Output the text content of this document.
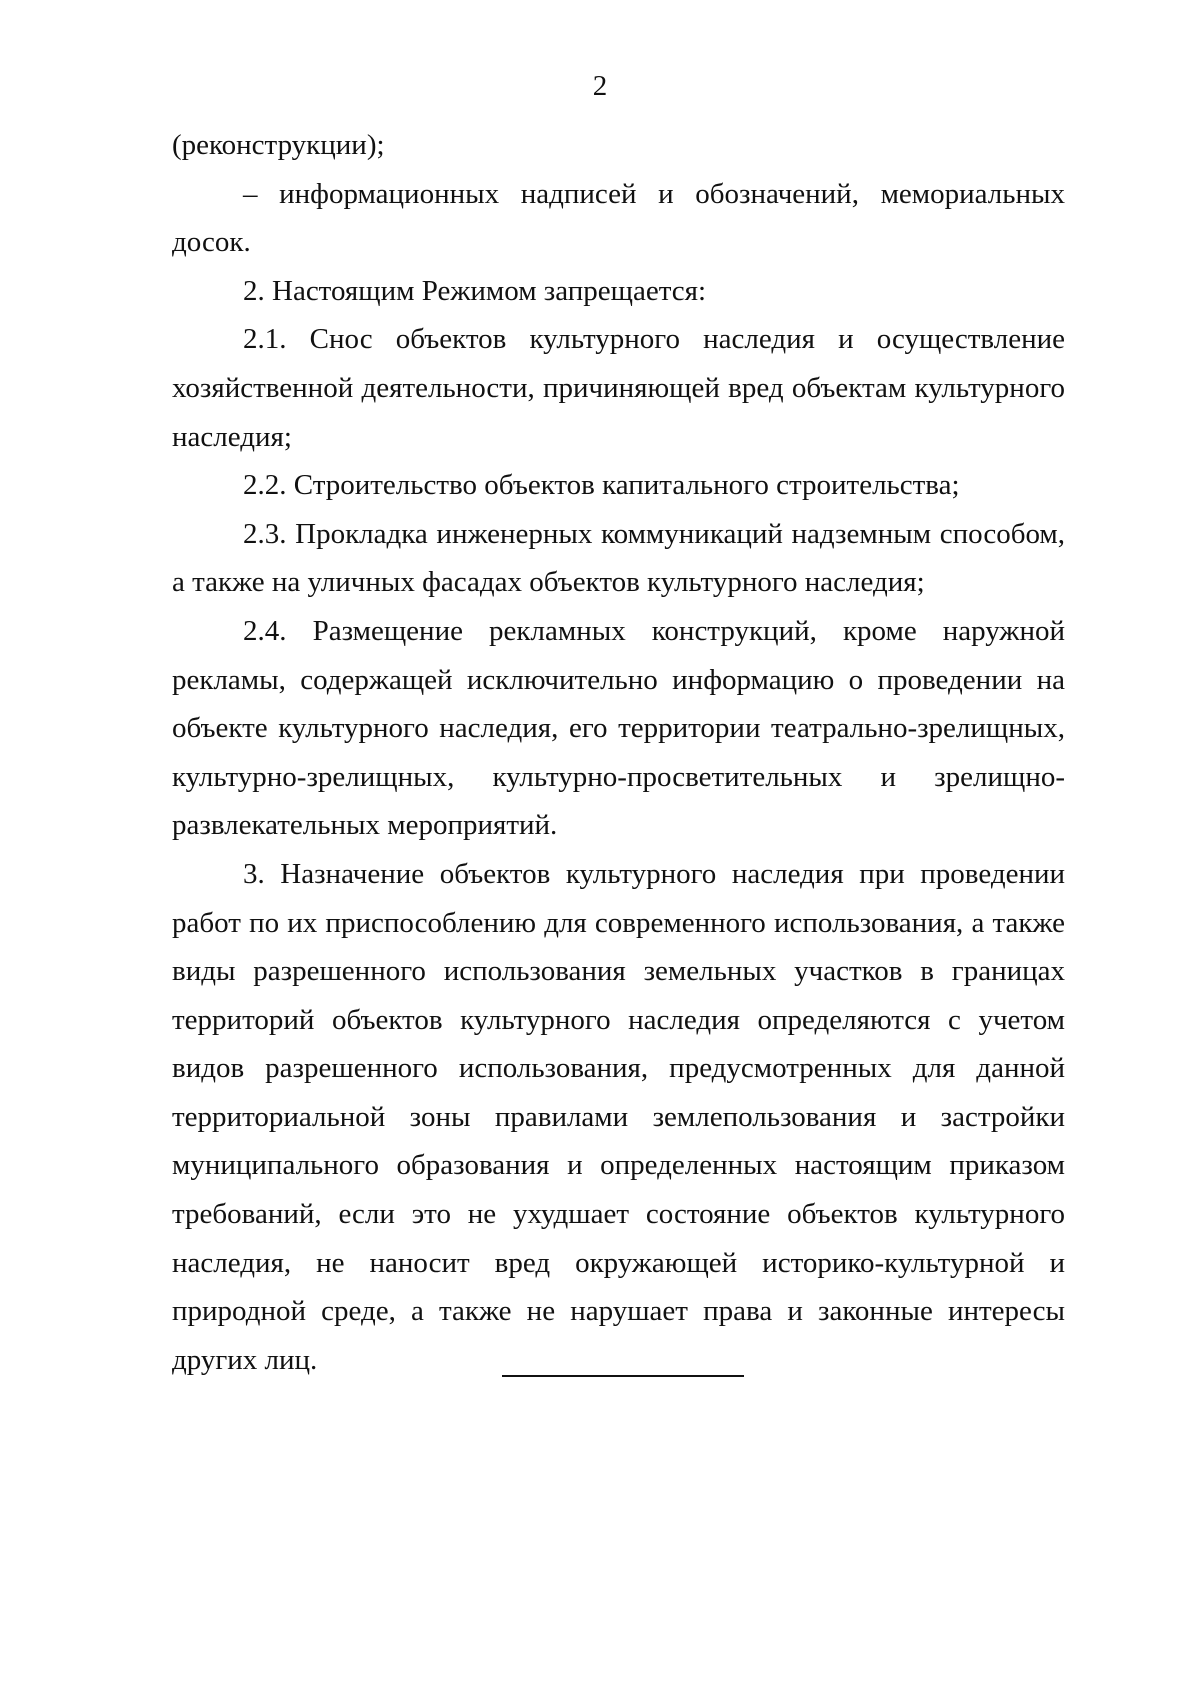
2

(реконструкции);

– информационных надписей и обозначений, мемориальных досок.

2. Настоящим Режимом запрещается:

2.1. Снос объектов культурного наследия и осуществление хозяйственной деятельности, причиняющей вред объектам культурного наследия;

2.2. Строительство объектов капитального строительства;

2.3. Прокладка инженерных коммуникаций надземным способом, а также на уличных фасадах объектов культурного наследия;

2.4. Размещение рекламных конструкций, кроме наружной рекламы, содержащей исключительно информацию о проведении на объекте культурного наследия, его территории театрально-зрелищных, культурно-зрелищных, культурно-просветительных и зрелищно-развлекательных мероприятий.

3. Назначение объектов культурного наследия при проведении работ по их приспособлению для современного использования, а также виды разрешенного использования земельных участков в границах территорий объектов культурного наследия определяются с учетом видов разрешенного использования, предусмотренных для данной территориальной зоны правилами землепользования и застройки муниципального образования и определенных настоящим приказом требований, если это не ухудшает состояние объектов культурного наследия, не наносит вред окружающей историко-культурной и природной среде, а также не нарушает права и законные интересы других лиц.
